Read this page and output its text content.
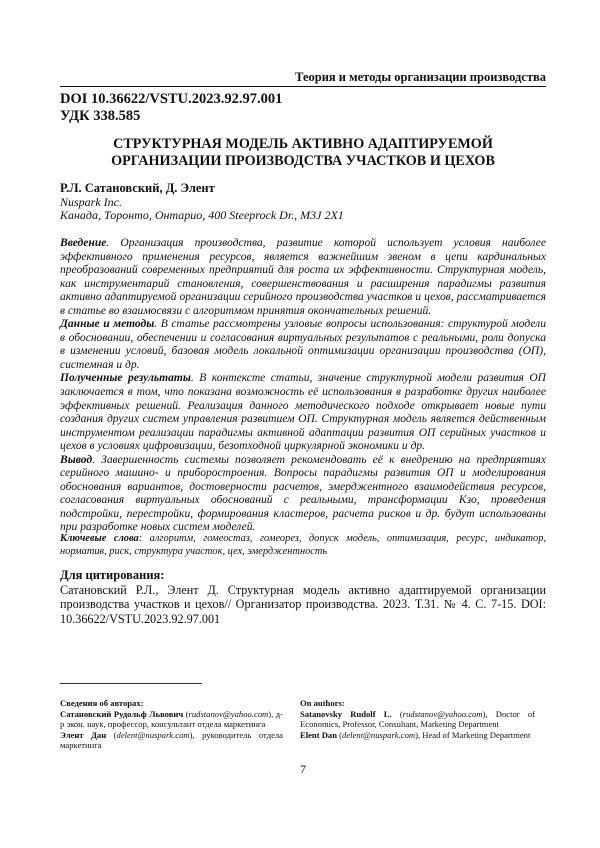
Теория и методы организации производства
DOI 10.36622/VSTU.2023.92.97.001
УДК 338.585
СТРУКТУРНАЯ МОДЕЛЬ АКТИВНО АДАПТИРУЕМОЙ
ОРГАНИЗАЦИИ ПРОИЗВОДСТВА УЧАСТКОВ И ЦЕХОВ
Р.Л. Сатановский, Д. Элент
Nuspark Inc.
Канада, Торонто, Онтарио, 400 Steeprock Dr., M3J 2X1

Введение. Организация производства, развитие которой использует условия наиболее эффективного применения ресурсов, является важнейшим звеном в цепи кардинальных преобразований современных предприятий для роста их эффективности. Структурная модель, как инструментарий становления, совершенствования и расширения парадигмы развития активно адаптируемой организации серийного производства участков и цехов, рассматривается в статье во взаимосвязи с алгоритмом принятия окончательных решений.

Данные и методы. В статье рассмотрены узловые вопросы использования: структурой модели в обосновании, обеспечении и согласования виртуальных результатов с реальными, роли допуска в изменении условий, базовая модель локальной оптимизации организации производства (ОП), системная и др.

Полученные результаты. В контексте статьи, значение структурной модели развития ОП заключается в том, что показана возможность её использования в разработке других наиболее эффективных решений. Реализация данного методического подходе открывает новые пути создания других систем управления развитием ОП. Структурная модель является действенным инструментом реализации парадигмы активной адаптации развития ОП серийных участков и цехов в условиях цифровизации, безотходной циркулярной экономики и др.

Вывод. Завершенность системы позволяет рекомендовать её к внедрению на предприятиях серийного машино- и приборостроения. Вопросы парадигмы развития ОП и моделирования обоснования вариантов, достоверности расчетов, эмерджентного взаимодействия ресурсов, согласования виртуальных обоснований с реальными, трансформации Кзо, проведения подстройки, перестройки, формирования кластеров, расчета рисков и др. будут использованы при разработке новых систем моделей.

Ключевые слова: алгоритм, гомеостаз, гомеорез, допуск модель, оптимизация, ресурс, индикатор, норматив, риск, структура участок, цех, эмерджентность
Для цитирования:
Сатановский Р.Л., Элент Д. Структурная модель активно адаптируемой организации производства участков и цехов// Организатор производства. 2023. Т.31. № 4. С. 7-15. DOI: 10.36622/VSTU.2023.92.97.001
Сведения об авторах:
Сатановский Рудольф Львович (rudstanov@yahoo.com), д-р экон. наук, профессор, консультант отдела маркетинга
Элент Дан (delent@nuspark.com), руководитель отдела маркетинга
On authors:
Satanovsky Rudolf L. (rudstanov@yahoo.com), Doctor of Economics, Professor, Consultant, Marketing Department
Elent Dan (delent@nuspark.com), Head of Marketing Department
7
